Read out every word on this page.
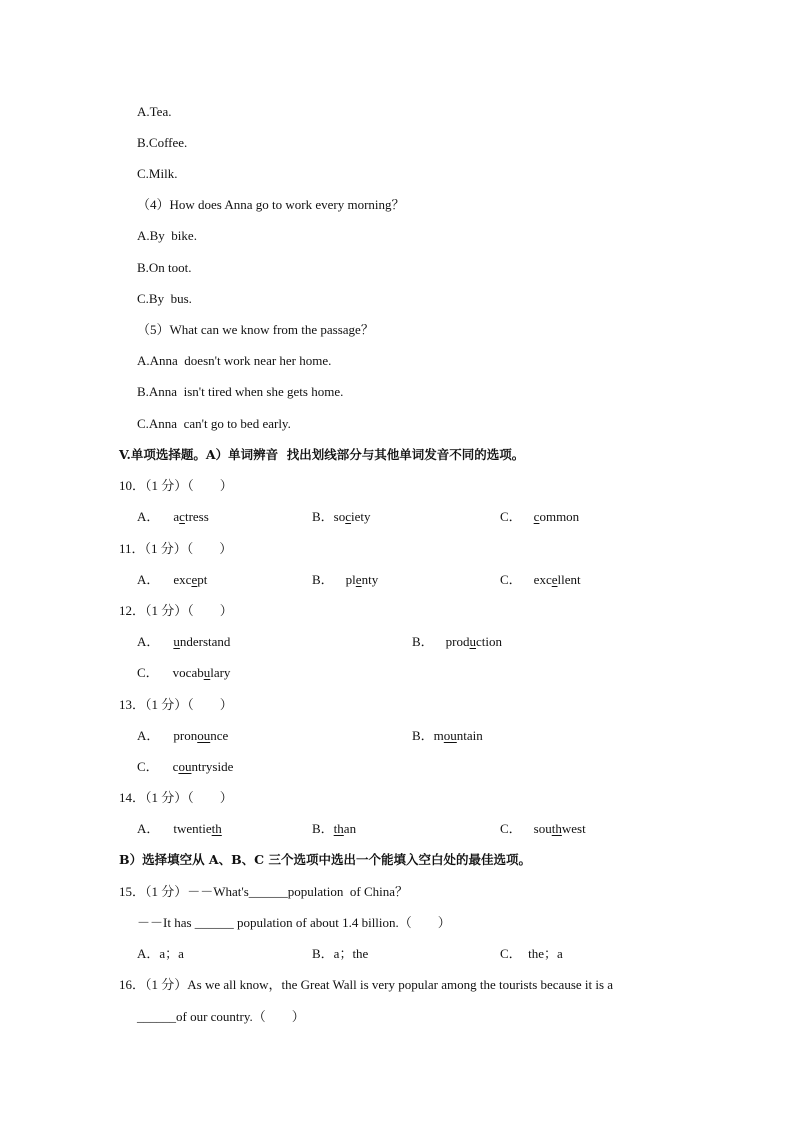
A.Tea.
B.Coffee.
C.Milk.
（4）How does Anna go to work every morning？
A.By  bike.
B.On toot.
C.By  bus.
（5）What can we know from the passage？
A.Anna  doesn't work near her home.
B.Anna  isn't tired when she gets home.
C.Anna  can't go to bed early.
V.单项选择题。A）单词辨音  找出划线部分与其他单词发音不同的选项。
10．（1 分）（　　）
A． actress	B．society	C． common
11．（1 分）（　　）
A． except	B． plenty	C． excellent
12．（1 分）（　　）
A． understand	B． production
C． vocabulary
13．（1 分）（　　）
A． pronounce	B．mountain
C． countryside
14．（1 分）（　　）
A． twentieth	B．than	C． southwest
B）选择填空从 A、B、C 三个选项中选出一个能填入空白处的最佳选项。
15．（1 分）－－What's______population  of China？
－－It has ______ population of about 1.4 billion.（　　）
A．a；a	B．a；the	C．  the；a
16．（1 分）As we all know，the Great Wall is very popular among the tourists because it is a
______of our country.（　　）
